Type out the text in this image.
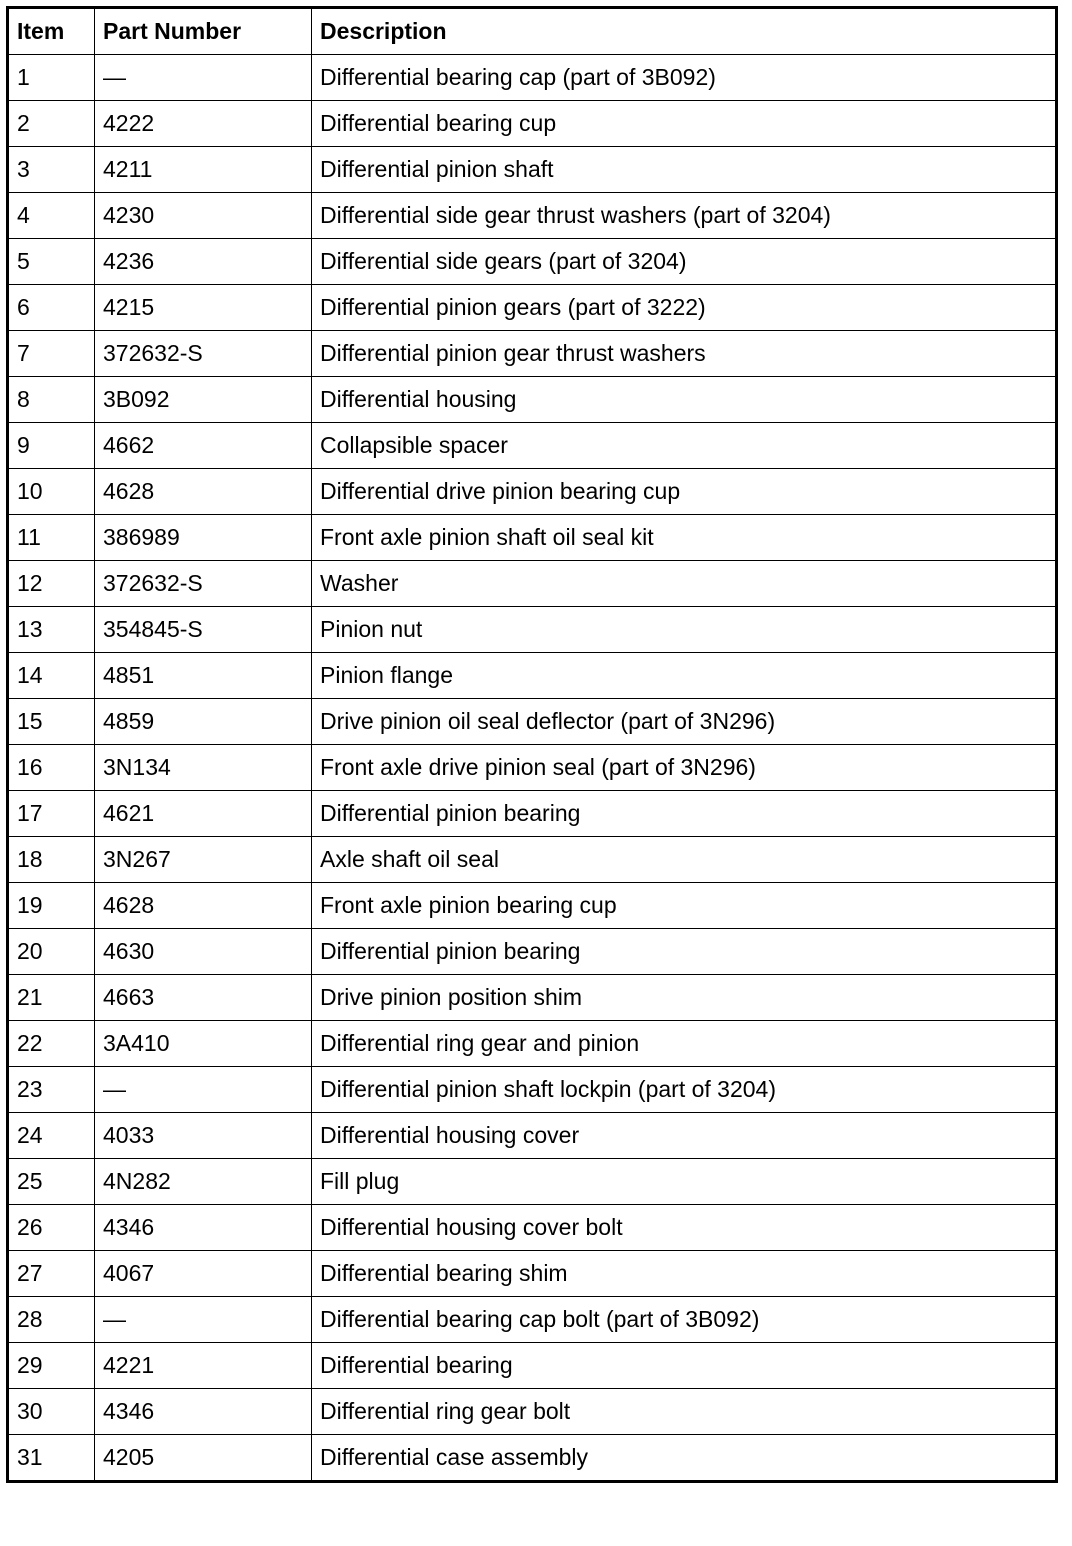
Item	Part Number	Description
1	—	Differential bearing cap (part of 3B092)
2	4222	Differential bearing cup
3	4211	Differential pinion shaft
4	4230	Differential side gear thrust washers (part of 3204)
5	4236	Differential side gears (part of 3204)
6	4215	Differential pinion gears (part of 3222)
7	372632-S	Differential pinion gear thrust washers
8	3B092	Differential housing
9	4662	Collapsible spacer
10	4628	Differential drive pinion bearing cup
11	386989	Front axle pinion shaft oil seal kit
12	372632-S	Washer
13	354845-S	Pinion nut
14	4851	Pinion flange
15	4859	Drive pinion oil seal deflector (part of 3N296)
16	3N134	Front axle drive pinion seal (part of 3N296)
17	4621	Differential pinion bearing
18	3N267	Axle shaft oil seal
19	4628	Front axle pinion bearing cup
20	4630	Differential pinion bearing
21	4663	Drive pinion position shim
22	3A410	Differential ring gear and pinion
23	—	Differential pinion shaft lockpin (part of 3204)
24	4033	Differential housing cover
25	4N282	Fill plug
26	4346	Differential housing cover bolt
27	4067	Differential bearing shim
28	—	Differential bearing cap bolt (part of 3B092)
29	4221	Differential bearing
30	4346	Differential ring gear bolt
31	4205	Differential case assembly
